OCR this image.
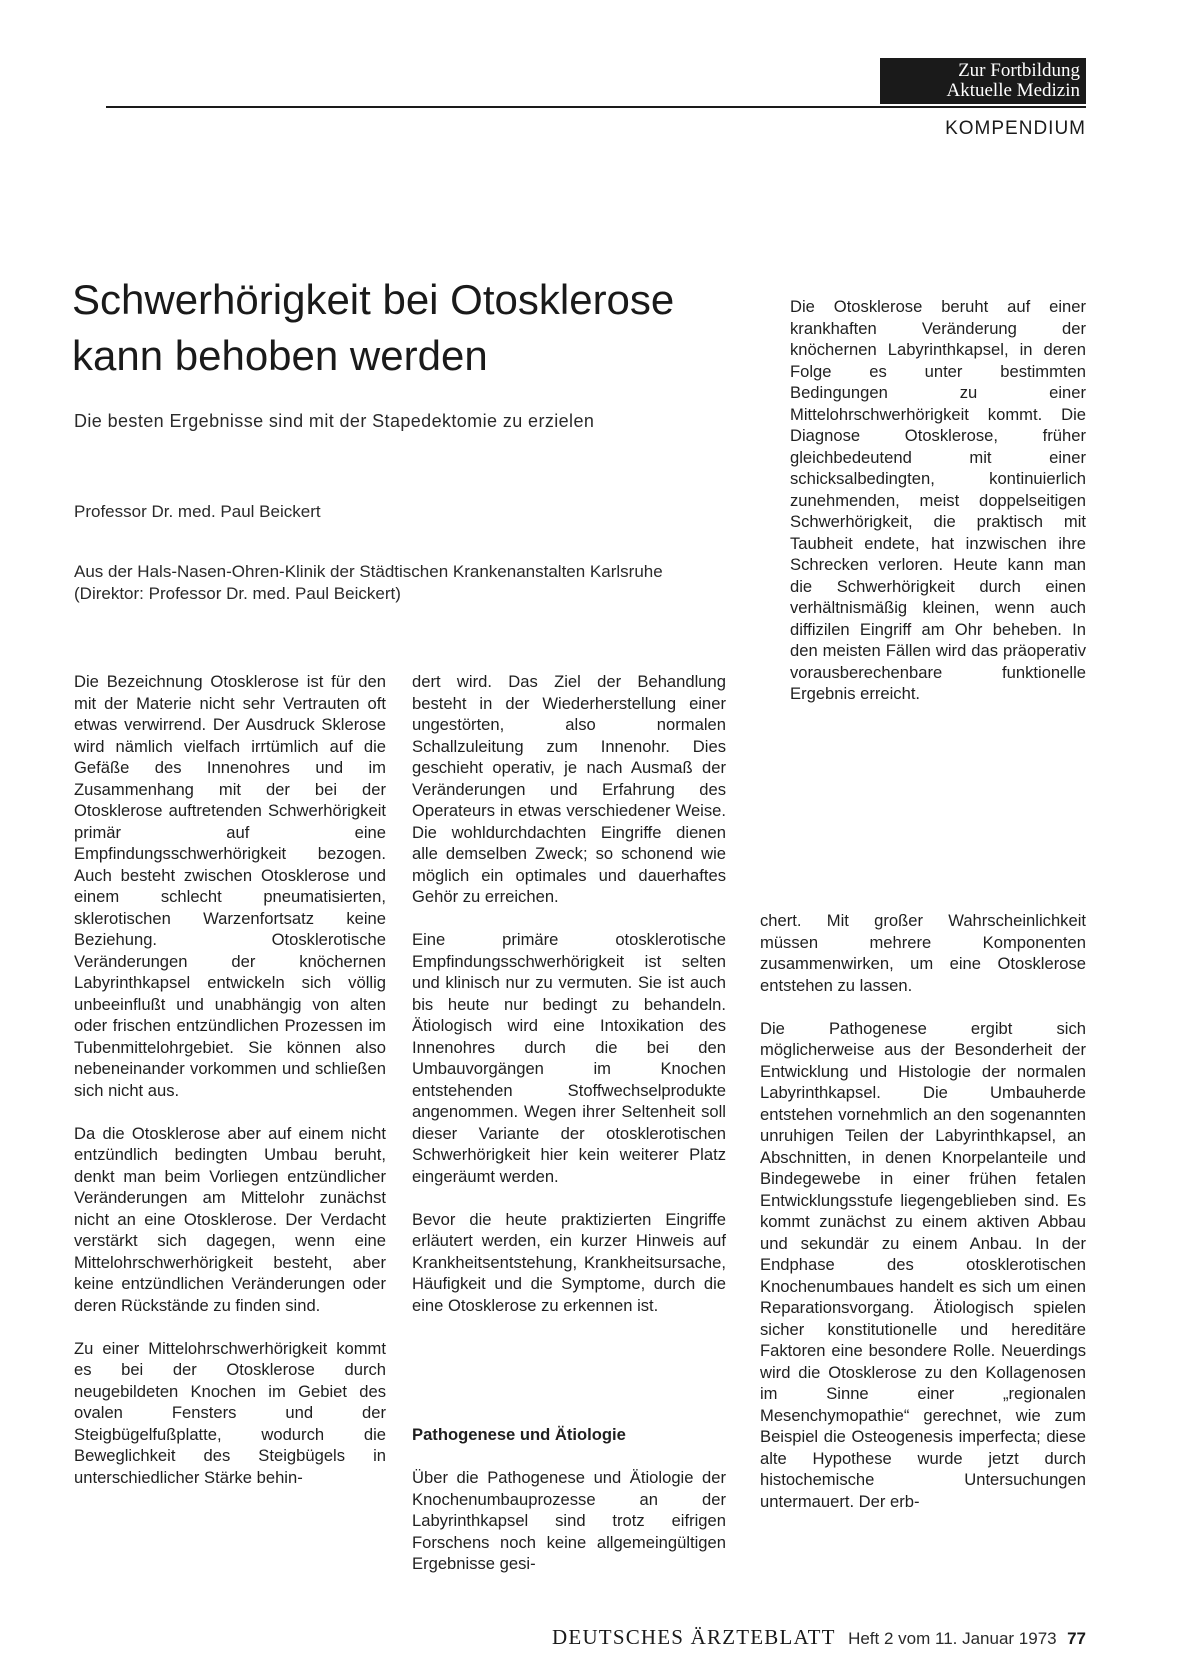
Zur Fortbildung
Aktuelle Medizin
KOMPENDIUM
Schwerhörigkeit bei Otosklerose kann behoben werden
Die besten Ergebnisse sind mit der Stapedektomie zu erzielen
Professor Dr. med. Paul Beickert
Aus der Hals-Nasen-Ohren-Klinik der Städtischen Krankenanstalten Karlsruhe (Direktor: Professor Dr. med. Paul Beickert)

Die Otosklerose beruht auf einer krankhaften Veränderung der knöchernen Labyrinthkapsel, in deren Folge es unter bestimmten Bedingungen zu einer Mittelohrschwerhörigkeit kommt. Die Diagnose Otosklerose, früher gleichbedeutend mit einer schicksalbedingten, kontinuierlich zunehmenden, meist doppelseitigen Schwerhörigkeit, die praktisch mit Taubheit endete, hat inzwischen ihre Schrecken verloren. Heute kann man die Schwerhörigkeit durch einen verhältnismäßig kleinen, wenn auch diffizilen Eingriff am Ohr beheben. In den meisten Fällen wird das präoperativ vorausberechenbare funktionelle Ergebnis erreicht.

Die Bezeichnung Otosklerose ist für den mit der Materie nicht sehr Vertrauten oft etwas verwirrend. Der Ausdruck Sklerose wird nämlich vielfach irrtümlich auf die Gefäße des Innenohres und im Zusammenhang mit der bei der Otosklerose auftretenden Schwerhörigkeit primär auf eine Empfindungsschwerhörigkeit bezogen. Auch besteht zwischen Otosklerose und einem schlecht pneumatisierten, sklerotischen Warzenfortsatz keine Beziehung. Otosklerotische Veränderungen der knöchernen Labyrinthkapsel entwickeln sich völlig unbeeinflußt und unabhängig von alten oder frischen entzündlichen Prozessen im Tubenmittelohrgebiet. Sie können also nebeneinander vorkommen und schließen sich nicht aus.

Da die Otosklerose aber auf einem nicht entzündlich bedingten Umbau beruht, denkt man beim Vorliegen entzündlicher Veränderungen am Mittelohr zunächst nicht an eine Otosklerose. Der Verdacht verstärkt sich dagegen, wenn eine Mittelohrschwerhörigkeit besteht, aber keine entzündlichen Veränderungen oder deren Rückstände zu finden sind.

Zu einer Mittelohrschwerhörigkeit kommt es bei der Otosklerose durch neugebildeten Knochen im Gebiet des ovalen Fensters und der Steigbügelfußplatte, wodurch die Beweglichkeit des Steigbügels in unterschiedlicher Stärke behin-

dert wird. Das Ziel der Behandlung besteht in der Wiederherstellung einer ungestörten, also normalen Schallzuleitung zum Innenohr. Dies geschieht operativ, je nach Ausmaß der Veränderungen und Erfahrung des Operateurs in etwas verschiedener Weise. Die wohldurchdachten Eingriffe dienen alle demselben Zweck; so schonend wie möglich ein optimales und dauerhaftes Gehör zu erreichen.

Eine primäre otosklerotische Empfindungsschwerhörigkeit ist selten und klinisch nur zu vermuten. Sie ist auch bis heute nur bedingt zu behandeln. Ätiologisch wird eine Intoxikation des Innenohres durch die bei den Umbauvorgängen im Knochen entstehenden Stoffwechselprodukte angenommen. Wegen ihrer Seltenheit soll dieser Variante der otosklerotischen Schwerhörigkeit hier kein weiterer Platz eingeräumt werden.

Bevor die heute praktizierten Eingriffe erläutert werden, ein kurzer Hinweis auf Krankheitsentstehung, Krankheitsursache, Häufigkeit und die Symptome, durch die eine Otosklerose zu erkennen ist.

Pathogenese und Ätiologie

Über die Pathogenese und Ätiologie der Knochenumbauprozesse an der Labyrinthkapsel sind trotz eifrigen Forschens noch keine allgemeingültigen Ergebnisse gesi-

chert. Mit großer Wahrscheinlichkeit müssen mehrere Komponenten zusammenwirken, um eine Otosklerose entstehen zu lassen.

Die Pathogenese ergibt sich möglicherweise aus der Besonderheit der Entwicklung und Histologie der normalen Labyrinthkapsel. Die Umbauherde entstehen vornehmlich an den sogenannten unruhigen Teilen der Labyrinthkapsel, an Abschnitten, in denen Knorpelanteile und Bindegewebe in einer frühen fetalen Entwicklungsstufe liegengeblieben sind. Es kommt zunächst zu einem aktiven Abbau und sekundär zu einem Anbau. In der Endphase des otosklerotischen Knochenumbaues handelt es sich um einen Reparationsvorgang. Ätiologisch spielen sicher konstitutionelle und hereditäre Faktoren eine besondere Rolle. Neuerdings wird die Otosklerose zu den Kollagenosen im Sinne einer „regionalen Mesenchymopathie“ gerechnet, wie zum Beispiel die Osteogenesis imperfecta; diese alte Hypothese wurde jetzt durch histochemische Untersuchungen untermauert. Der erb-

DEUTSCHES ÄRZTEBLATT Heft 2 vom 11. Januar 1973 77
